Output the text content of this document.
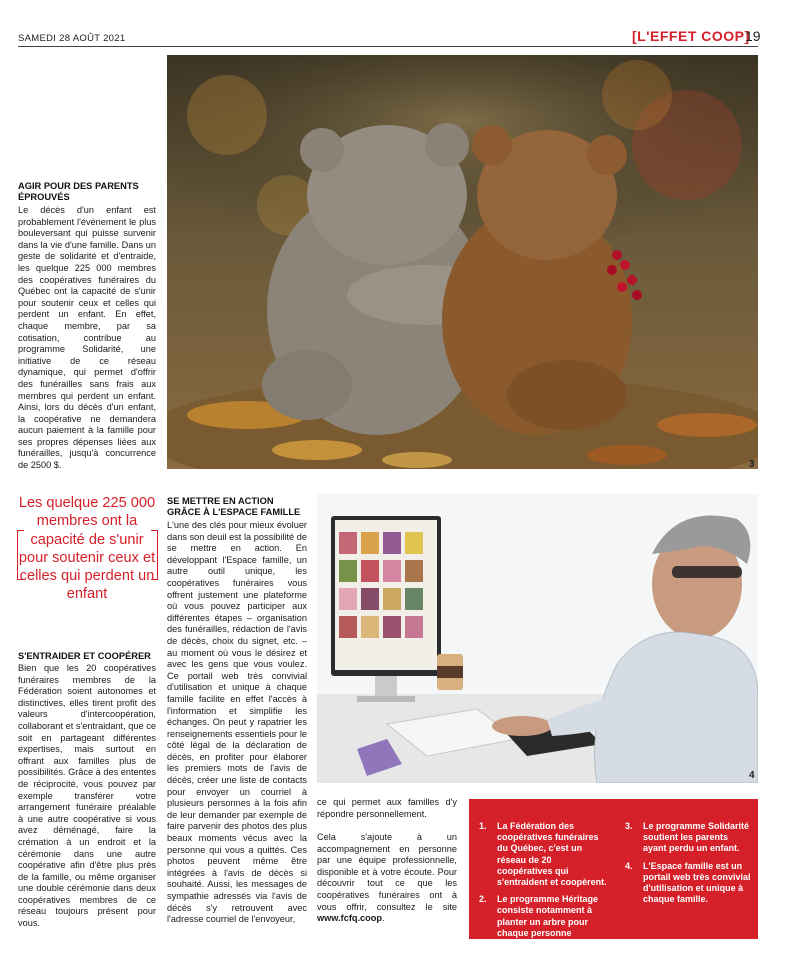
SAMEDI 28 AOÛT 2021	[L'EFFET COOP]
19
3
AGIR POUR DES PARENTS ÉPROUVÉS
Le décès d'un enfant est probablement l'événement le plus bouleversant qui puisse survenir dans la vie d'une famille. Dans un geste de solidarité et d'entraide, les quelque 225 000 membres des coopératives funéraires du Québec ont la capacité de s'unir pour soutenir ceux et celles qui perdent un enfant. En effet, chaque membre, par sa cotisation, contribue au programme Solidarité, une initiative de ce réseau dynamique, qui permet d'offrir des funérailles sans frais aux membres qui perdent un enfant. Ainsi, lors du décès d'un enfant, la coopérative ne demandera aucun paiement à la famille pour ses propres dépenses liées aux funérailles, jusqu'à concurrence de 2500 $.
Les quelque 225 000 membres ont la capacité de s'unir pour soutenir ceux et celles qui perdent un enfant
S'ENTRAIDER ET COOPÉRER
Bien que les 20 coopératives funéraires membres de la Fédération soient autonomes et distinctives, elles tirent profit des valeurs d'intercoopération, collaborant et s'entraidant, que ce soit en partageant différentes expertises, mais surtout en offrant aux familles plus de possibilités. Grâce à des ententes de réciprocité, vous pouvez par exemple transférer votre arrangement funéraire préalable à une autre coopérative si vous avez déménagé, faire la crémation à un endroit et la cérémonie dans une autre coopérative afin d'être plus près de la famille, ou même organiser une double cérémonie dans deux coopératives membres de ce réseau toujours présent pour vous.
SE METTRE EN ACTION GRÂCE À L'ESPACE FAMILLE
L'une des clés pour mieux évoluer dans son deuil est la possibilité de se mettre en action. En développant l'Espace famille, un autre outil unique, les coopératives funéraires vous offrent justement une plateforme où vous pouvez participer aux différentes étapes – organisation des funérailles, rédaction de l'avis de décès, choix du signet, etc. – au moment où vous le désirez et avec les gens que vous voulez. Ce portail web très convivial d'utilisation et unique à chaque famille facilite en effet l'accès à l'information et simplifie les échanges. On peut y rapatrier les renseignements essentiels pour le côté légal de la déclaration de décès, en profiter pour élaborer les premiers mots de l'avis de décès, créer une liste de contacts pour envoyer un courriel à plusieurs personnes à la fois afin de leur demander par exemple de faire parvenir des photos des plus beaux moments vécus avec la personne qui vous a quittés. Ces photos peuvent même être intégrées à l'avis de décès si souhaité. Aussi, les messages de sympathie adressés via l'avis de décès s'y retrouvent avec l'adresse courriel de l'envoyeur,
ce qui permet aux familles d'y répondre personnellement.
Cela s'ajoute à un accompagnement en personne par une équipe professionnelle, disponible et à votre écoute. Pour découvrir tout ce que les coopératives funéraires ont à vous offrir, consultez le site www.fcfq.coop.
4
1. La Fédération des coopératives funéraires du Québec, c'est un réseau de 20 coopératives qui s'entraident et coopèrent.
2. Le programme Héritage consiste notamment à planter un arbre pour chaque personne décédée.
3. Le programme Solidarité soutient les parents ayant perdu un enfant.
4. L'Espace famille est un portail web très convivial d'utilisation et unique à chaque famille.
